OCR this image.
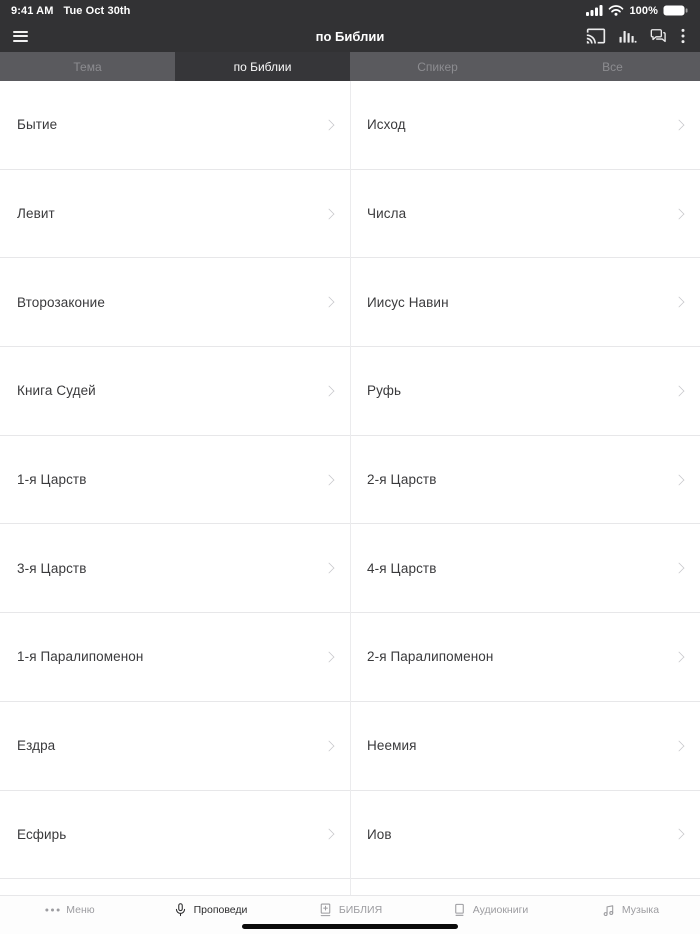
9:41 AM Tue Oct 30th	100%
по Библии
Тема	по Библии	Спикер	Все
Бытие	Исход
Левит	Числа
Второзаконие	Иисус Навин
Книга Судей	Руфь
1-я Царств	2-я Царств
3-я Царств	4-я Царств
1-я Паралипоменон	2-я Паралипоменон
Ездра	Неемия
Есфирь	Иов
Меню	Проповеди	БИБЛИЯ	Аудиокниги	Музыка
